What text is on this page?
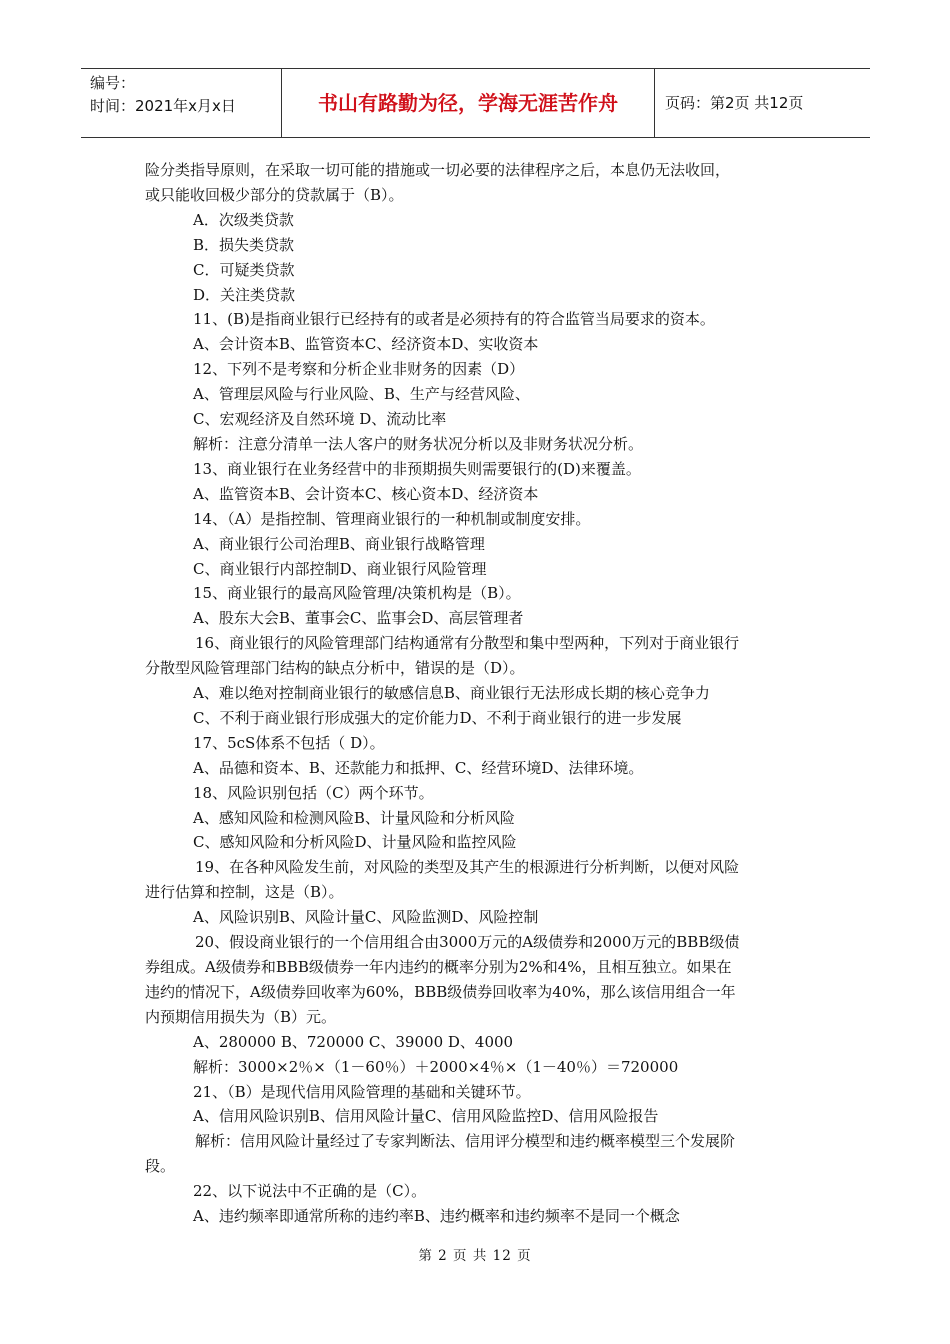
编号：
时间：2021年x月x日	书山有路勤为径，学海无涯苦作舟	页码：第2页 共12页
险分类指导原则，在采取一切可能的措施或一切必要的法律程序之后，本息仍无法收回，
或只能收回极少部分的贷款属于（B）。
A．次级类贷款
B．损失类贷款
C．可疑类贷款
D．关注类贷款
11、(B)是指商业银行已经持有的或者是必须持有的符合监管当局要求的资本。
A、会计资本B、监管资本C、经济资本D、实收资本
12、下列不是考察和分析企业非财务的因素（D）
A、管理层风险与行业风险、B、生产与经营风险、
C、宏观经济及自然环境 D、流动比率
解析：注意分清单一法人客户的财务状况分析以及非财务状况分析。
13、商业银行在业务经营中的非预期损失则需要银行的(D)来覆盖。
A、监管资本B、会计资本C、核心资本D、经济资本
14、（A）是指控制、管理商业银行的一种机制或制度安排。
A、商业银行公司治理B、商业银行战略管理
C、商业银行内部控制D、商业银行风险管理
15、商业银行的最高风险管理/决策机构是（B）。
A、股东大会B、董事会C、监事会D、高层管理者
16、商业银行的风险管理部门结构通常有分散型和集中型两种，下列对于商业银行
分散型风险管理部门结构的缺点分析中，错误的是（D）。
A、难以绝对控制商业银行的敏感信息B、商业银行无法形成长期的核心竞争力
C、不利于商业银行形成强大的定价能力D、不利于商业银行的进一步发展
17、5cS体系不包括（ D）。
A、品德和资本、B、还款能力和抵押、C、经营环境D、法律环境。
18、风险识别包括（C）两个环节。
A、感知风险和检测风险B、计量风险和分析风险
C、感知风险和分析风险D、计量风险和监控风险
19、在各种风险发生前，对风险的类型及其产生的根源进行分析判断，以便对风险
进行估算和控制，这是（B）。
A、风险识别B、风险计量C、风险监测D、风险控制
20、假设商业银行的一个信用组合由3000万元的A级债券和2000万元的BBB级债
券组成。A级债券和BBB级债券一年内违约的概率分别为2%和4%，且相互独立。如果在
违约的情况下，A级债券回收率为60%，BBB级债券回收率为40%，那么该信用组合一年
内预期信用损失为（B）元。
A、280000 B、720000 C、39000 D、4000
解析：3000×2％×（1－60％）＋2000×4％×（1－40％）＝720000
21、（B）是现代信用风险管理的基础和关键环节。
A、信用风险识别B、信用风险计量C、信用风险监控D、信用风险报告
解析：信用风险计量经过了专家判断法、信用评分模型和违约概率模型三个发展阶
段。
22、以下说法中不正确的是（C）。
A、违约频率即通常所称的违约率B、违约概率和违约频率不是同一个概念
第 2 页 共 12 页
